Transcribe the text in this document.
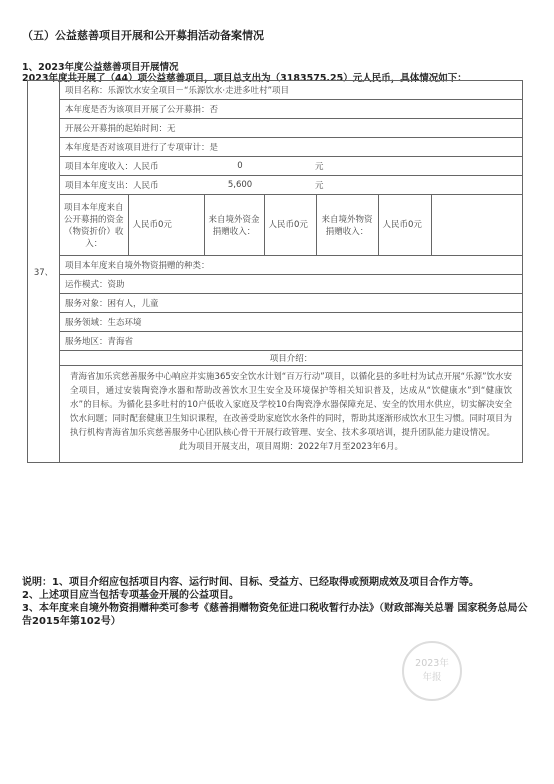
（五）公益慈善项目开展和公开募捐活动备案情况
1、2023年度公益慈善项目开展情况
2023年度共开展了（44）项公益慈善项目，项目总支出为（3183575.25）元人民币，具体情况如下：
37、	项目名称：乐源饮水安全项目－“乐源饮水·走进多吐村”项目
本年度是否为该项目开展了公开募捐：否
开展公开募捐的起始时间：无
本年度是否对该项目进行了专项审计：是

项目本年度收入：人民币	0	元

项目本年度支出：人民币	5,600	元

项目本年度来自公开募捐的资金（物资折价）收入：	人民币0元	来自境外资金捐赠收入：	人民币0元	来自境外物资捐赠收入：	人民币0元	

项目本年度来自境外物资捐赠的种类：
运作模式：资助
服务对象：困有人，儿童
服务领域：生态环境
服务地区：青海省
项目介绍：
青海省加乐宾慈善服务中心响应并实施365安全饮水计划“百万行动”项目，以循化县的多吐村为试点开展“乐源”饮水安全项目，通过安装陶瓷净水器和帮助改善饮水卫生安全及环境保护等相关知识普及，达成从“饮健康水”到“健康饮水”的目标。为循化县多吐村的10户低收入家庭及学校10台陶瓷净水器保障充足、安全的饮用水供应，切实解决安全饮水问题；同时配套健康卫生知识课程，在改善受助家庭饮水条件的同时，帮助其逐渐形成饮水卫生习惯。同时项目为执行机构青海省加乐宾慈善服务中心团队核心骨干开展行政管理、安全、技术多项培训，提升团队能力建设情况。
此为项目开展支出，项目周期：2022年7月至2023年6月。

说明：1、项目介绍应包括项目内容、运行时间、目标、受益方、已经取得或预期成效及项目合作方等。

2、上述项目应当包括专项基金开展的公益项目。

3、本年度来自境外物资捐赠种类可参考《慈善捐赠物资免征进口税收暂行办法》（财政部海关总署 国家税务总局公告2015年第102号）

2023年
年报
